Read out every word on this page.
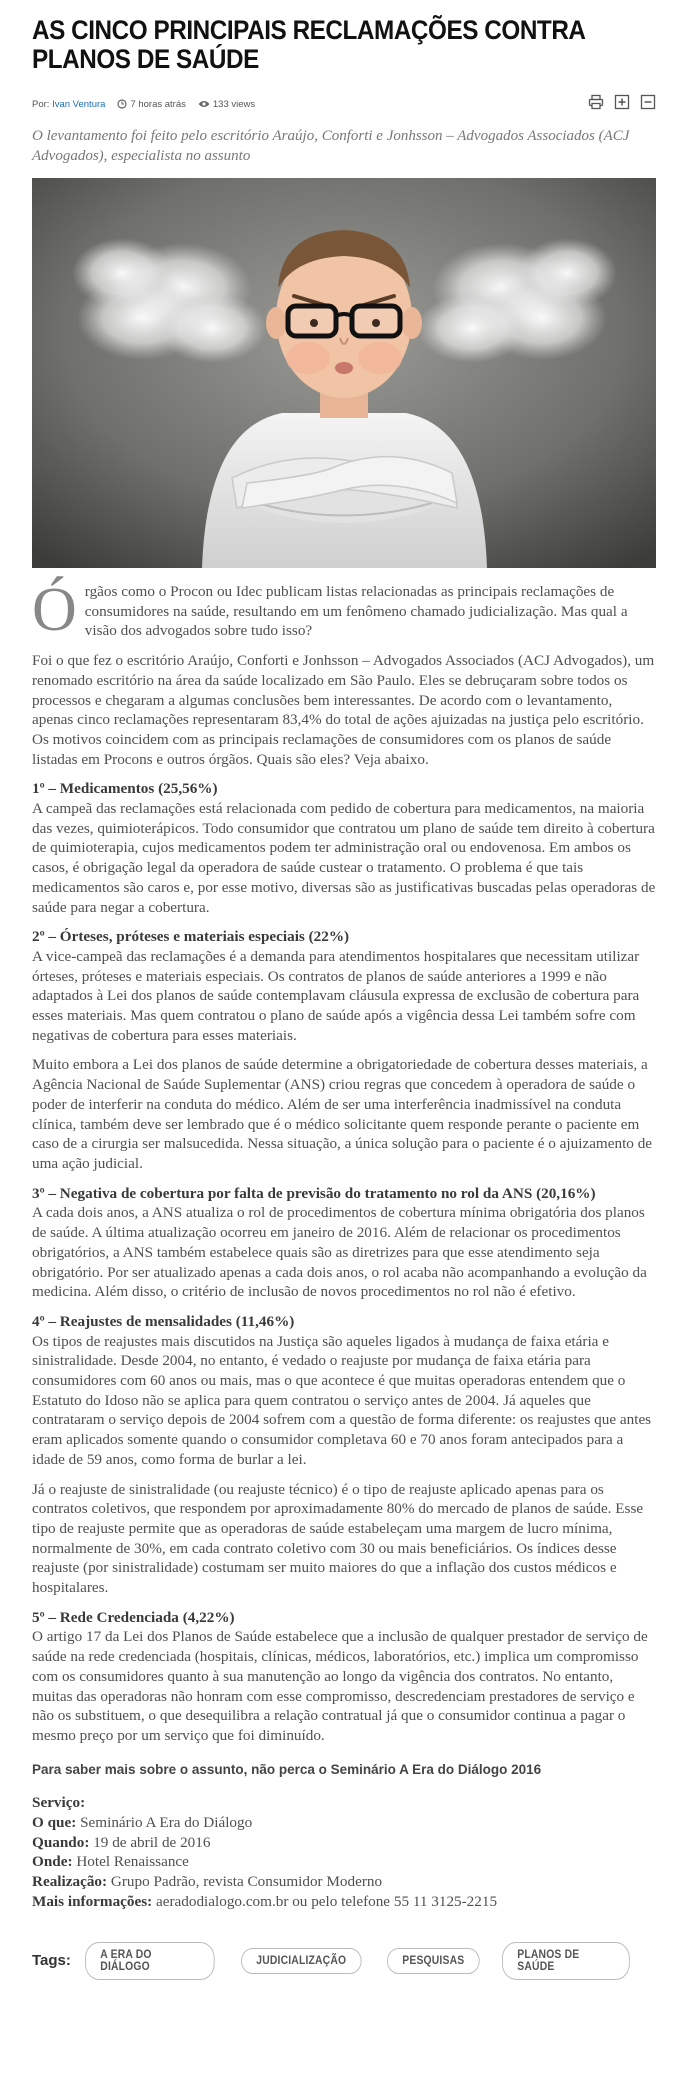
AS CINCO PRINCIPAIS RECLAMAÇÕES CONTRA PLANOS DE SAÚDE
Por:
Ivan Ventura	7 horas atrás	133 views
O levantamento foi feito pelo escritório Araújo, Conforti e Jonhsson – Advogados Associados (ACJ Advogados), especialista no assunto
Ó rgãos como o Procon ou Idec publicam listas relacionadas as principais reclamações de consumidores na saúde, resultando em um fenômeno chamado judicialização. Mas qual a visão dos advogados sobre tudo isso?

Foi o que fez o escritório Araújo, Conforti e Jonhsson – Advogados Associados (ACJ Advogados), um renomado escritório na área da saúde localizado em São Paulo. Eles se debruçaram sobre todos os processos e chegaram a algumas conclusões bem interessantes. De acordo com o levantamento, apenas cinco reclamações representaram 83,4% do total de ações ajuizadas na justiça pelo escritório. Os motivos coincidem com as principais reclamações de consumidores com os planos de saúde listadas em Procons e outros órgãos. Quais são eles? Veja abaixo.

1º – Medicamentos (25,56%)

A campeã das reclamações está relacionada com pedido de cobertura para medicamentos, na maioria das vezes, quimioterápicos. Todo consumidor que contratou um plano de saúde tem direito à cobertura de quimioterapia, cujos medicamentos podem ter administração oral ou endovenosa. Em ambos os casos, é obrigação legal da operadora de saúde custear o tratamento. O problema é que tais medicamentos são caros e, por esse motivo, diversas são as justificativas buscadas pelas operadoras de saúde para negar a cobertura.

2º – Órteses, próteses e materiais especiais (22%)

A vice-campeã das reclamações é a demanda para atendimentos hospitalares que necessitam utilizar órteses, próteses e materiais especiais. Os contratos de planos de saúde anteriores a 1999 e não adaptados à Lei dos planos de saúde contemplavam cláusula expressa de exclusão de cobertura para esses materiais. Mas quem contratou o plano de saúde após a vigência dessa Lei também sofre com negativas de cobertura para esses materiais.

Muito embora a Lei dos planos de saúde determine a obrigatoriedade de cobertura desses materiais, a Agência Nacional de Saúde Suplementar (ANS) criou regras que concedem à operadora de saúde o poder de interferir na conduta do médico. Além de ser uma interferência inadmissível na conduta clínica, também deve ser lembrado que é o médico solicitante quem responde perante o paciente em caso de a cirurgia ser malsucedida. Nessa situação, a única solução para o paciente é o ajuizamento de uma ação judicial.

3º – Negativa de cobertura por falta de previsão do tratamento no rol da ANS (20,16%)

A cada dois anos, a ANS atualiza o rol de procedimentos de cobertura mínima obrigatória dos planos de saúde. A última atualização ocorreu em janeiro de 2016. Além de relacionar os procedimentos obrigatórios, a ANS também estabelece quais são as diretrizes para que esse atendimento seja obrigatório. Por ser atualizado apenas a cada dois anos, o rol acaba não acompanhando a evolução da medicina. Além disso, o critério de inclusão de novos procedimentos no rol não é efetivo.

4º – Reajustes de mensalidades (11,46%)

Os tipos de reajustes mais discutidos na Justiça são aqueles ligados à mudança de faixa etária e sinistralidade. Desde 2004, no entanto, é vedado o reajuste por mudança de faixa etária para consumidores com 60 anos ou mais, mas o que acontece é que muitas operadoras entendem que o Estatuto do Idoso não se aplica para quem contratou o serviço antes de 2004. Já aqueles que contrataram o serviço depois de 2004 sofrem com a questão de forma diferente: os reajustes que antes eram aplicados somente quando o consumidor completava 60 e 70 anos foram antecipados para a idade de 59 anos, como forma de burlar a lei.

Já o reajuste de sinistralidade (ou reajuste técnico) é o tipo de reajuste aplicado apenas para os contratos coletivos, que respondem por aproximadamente 80% do mercado de planos de saúde. Esse tipo de reajuste permite que as operadoras de saúde estabeleçam uma margem de lucro mínima, normalmente de 30%, em cada contrato coletivo com 30 ou mais beneficiários. Os índices desse reajuste (por sinistralidade) costumam ser muito maiores do que a inflação dos custos médicos e hospitalares.

5º – Rede Credenciada (4,22%)

O artigo 17 da Lei dos Planos de Saúde estabelece que a inclusão de qualquer prestador de serviço de saúde na rede credenciada (hospitais, clínicas, médicos, laboratórios, etc.) implica um compromisso com os consumidores quanto à sua manutenção ao longo da vigência dos contratos. No entanto, muitas das operadoras não honram com esse compromisso, descredenciam prestadores de serviço e não os substituem, o que desequilibra a relação contratual já que o consumidor continua a pagar o mesmo preço por um serviço que foi diminuído.

Para saber mais sobre o assunto, não perca o Seminário A Era do Diálogo 2016

Serviço:

O que: Seminário A Era do Diálogo

Quando: 19 de abril de 2016

Onde: Hotel Renaissance

Realização: Grupo Padrão, revista Consumidor Moderno

Mais informações: aeradodialogo.com.br ou pelo telefone 55 11 3125-2215

Tags:	A ERA DO DIÁLOGO	JUDICIALIZAÇÃO	PESQUISAS	PLANOS DE SAÚDE
